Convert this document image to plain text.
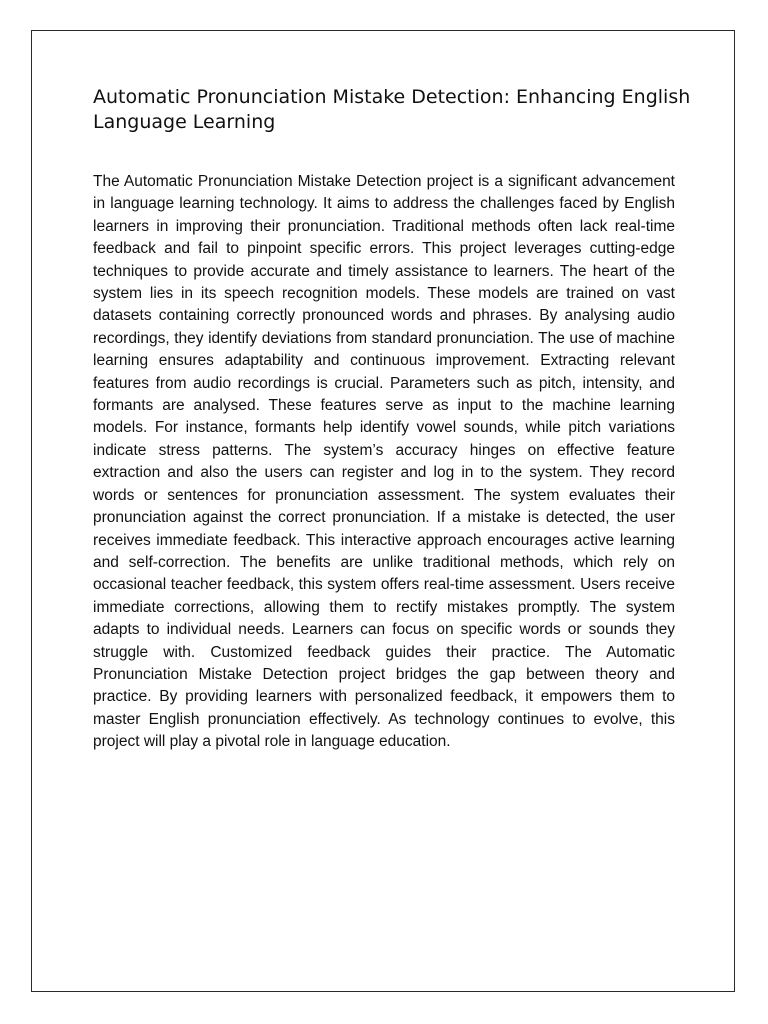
Automatic Pronunciation Mistake Detection: Enhancing English Language Learning

The Automatic Pronunciation Mistake Detection project is a significant advancement in language learning technology. It aims to address the challenges faced by English learners in improving their pronunciation. Traditional methods often lack real-time feedback and fail to pinpoint specific errors. This project leverages cutting-edge techniques to provide accurate and timely assistance to learners. The heart of the system lies in its speech recognition models. These models are trained on vast datasets containing correctly pronounced words and phrases. By analysing audio recordings, they identify deviations from standard pronunciation. The use of machine learning ensures adaptability and continuous improvement. Extracting relevant features from audio recordings is crucial. Parameters such as pitch, intensity, and formants are analysed. These features serve as input to the machine learning models. For instance, formants help identify vowel sounds, while pitch variations indicate stress patterns. The system’s accuracy hinges on effective feature extraction and also the users can register and log in to the system. They record words or sentences for pronunciation assessment. The system evaluates their pronunciation against the correct pronunciation. If a mistake is detected, the user receives immediate feedback. This interactive approach encourages active learning and self-correction. The benefits are unlike traditional methods, which rely on occasional teacher feedback, this system offers real-time assessment. Users receive immediate corrections, allowing them to rectify mistakes promptly. The system adapts to individual needs. Learners can focus on specific words or sounds they struggle with. Customized feedback guides their practice. The Automatic Pronunciation Mistake Detection project bridges the gap between theory and practice. By providing learners with personalized feedback, it empowers them to master English pronunciation effectively. As technology continues to evolve, this project will play a pivotal role in language education.
